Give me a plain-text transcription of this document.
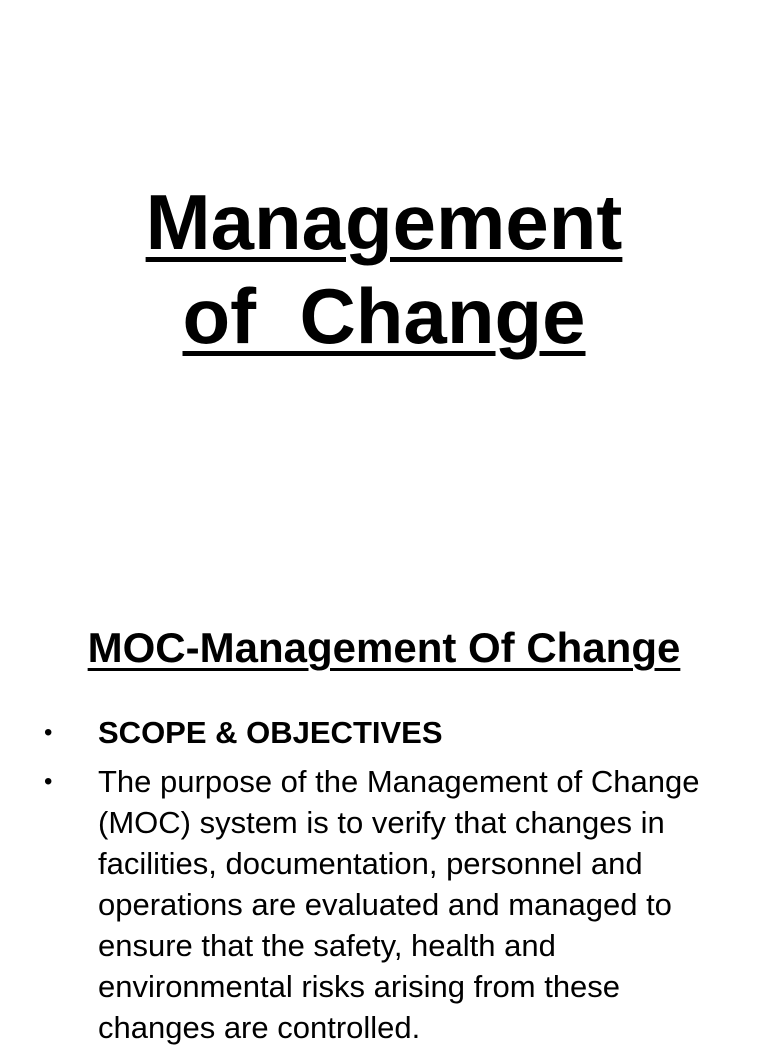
Management
of  Change
MOC-Management Of Change
• SCOPE & OBJECTIVES
• The purpose of the Management of Change (MOC) system is to verify that changes in facilities, documentation, personnel and operations are evaluated and managed to ensure that the safety, health and environmental risks arising from these changes are controlled.
